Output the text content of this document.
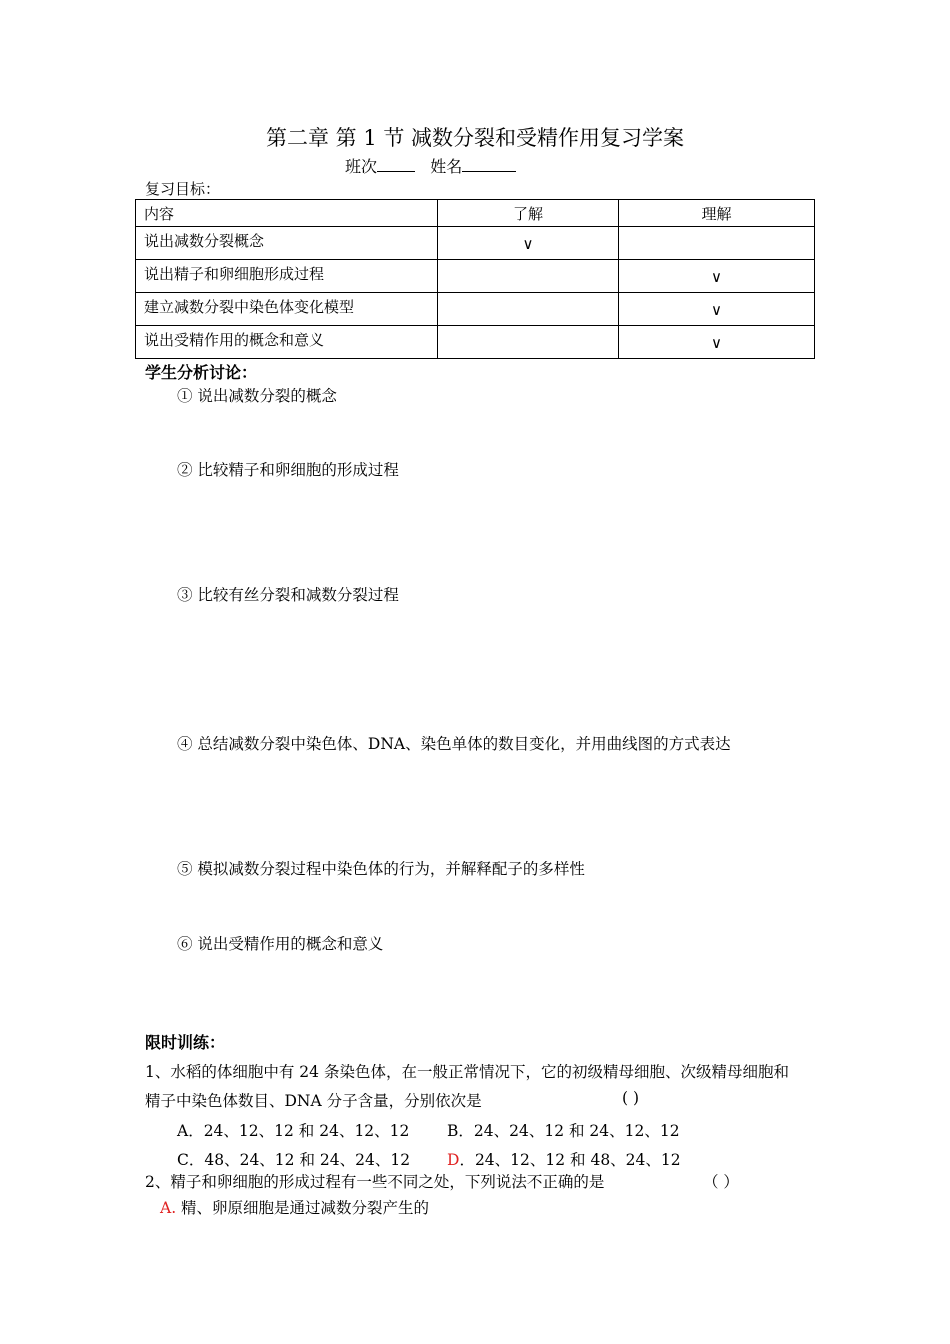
第二章 第 1 节 减数分裂和受精作用复习学案
班次	姓名
复习目标：
内容	了解	理解
说出减数分裂概念	∨	
说出精子和卵细胞形成过程		∨
建立减数分裂中染色体变化模型		∨
说出受精作用的概念和意义		∨
学生分析讨论：
① 说出减数分裂的概念
② 比较精子和卵细胞的形成过程
③ 比较有丝分裂和减数分裂过程
④ 总结减数分裂中染色体、DNA、染色单体的数目变化，并用曲线图的方式表达
⑤ 模拟减数分裂过程中染色体的行为，并解释配子的多样性
⑥ 说出受精作用的概念和意义
限时训练：
1、水稻的体细胞中有 24 条染色体，在一般正常情况下，它的初级精母细胞、次级精母细胞和
精子中染色体数目、DNA 分子含量，分别依次是	( )
A．24、12、12 和 24、12、12 B．24、24、12 和 24、12、12
C．48、24、12 和 24、24、12 D．24、12、12 和 48、24、12
2、精子和卵细胞的形成过程有一些不同之处，下列说法不正确的是	（ ）
A. 精、卵原细胞是通过减数分裂产生的
